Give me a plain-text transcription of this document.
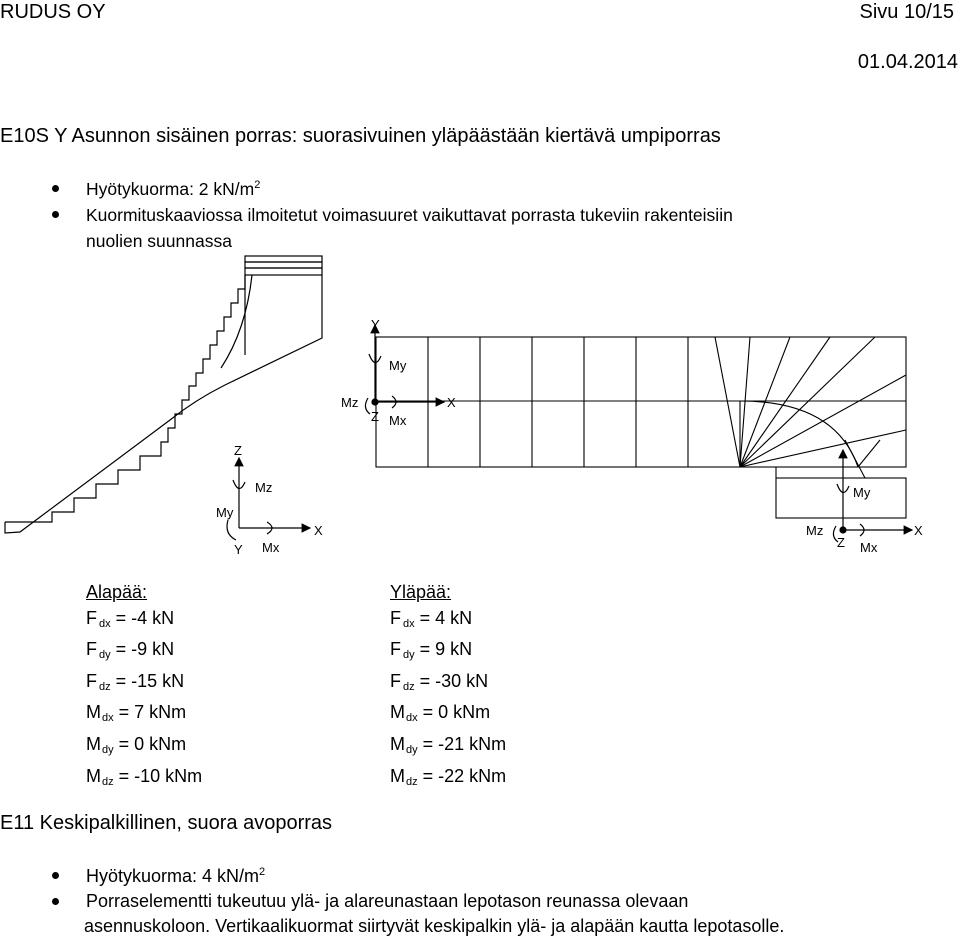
RUDUS OY	Sivu 10/15
01.04.2014
E10S Y Asunnon sisäinen porras: suorasivuinen yläpäästään kiertävä umpiporras
Hyötykuorma: 2 $kN/m^2$
Kuormituskaaviossa ilmoitetut voimasuuret vaikuttavat porrasta tukeviin rakenteisiin
nuolien suunnassa
Z
Mz
My
X
Y Mx
Y
My
Mz
Z Mx
X
My
Mz
Z Mx
X
Alapää:
F $_{dx}$ = -4 kN
F $_{dy}$ = -9 kN
F $_{dz}$ = -15 kN
$M_{dx} = 7$ kNm
$M_{dy} = 0$ kNm
$M_{dz} = -10$ kNm
Yläpää:
F $_{dx}$ = 4 kN
F $_{dy}$ = 9 kN
F $_{dz}$ = -30 kN
$M_{dx} = 0$ kNm
$M_{dy} = -21$ kNm
$M_{dz} = -22$ kNm
E11 Keskipalkillinen, suora avoporras
Hyötykuorma: 4 $kN/m^2$
Porraselementti tukeutuu ylä- ja alareunastaan lepotason reunassa olevaan
asennuskoloon. Vertikaalikuormat siirtyvät keskipalkin ylä- ja alapään kautta lepotasolle.
